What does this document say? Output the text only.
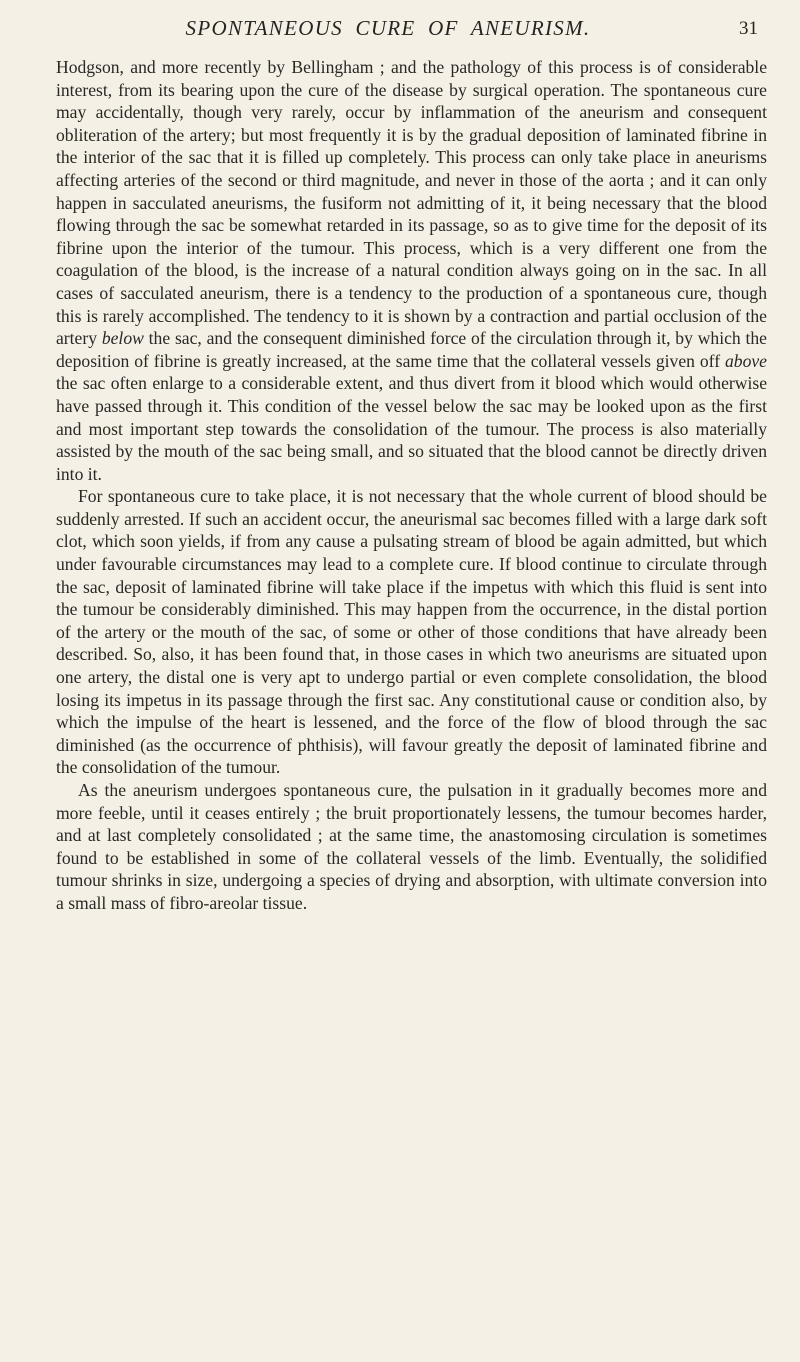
SPONTANEOUS CURE OF ANEURISM.	31

Hodgson, and more recently by Bellingham ; and the pathology of this process is of considerable interest, from its bearing upon the cure of the disease by surgical operation. The spontaneous cure may accidentally, though very rarely, occur by inflammation of the aneurism and consequent obliteration of the artery; but most frequently it is by the gradual deposition of laminated fibrine in the interior of the sac that it is filled up completely. This process can only take place in aneurisms affecting arteries of the second or third magnitude, and never in those of the aorta ; and it can only happen in sacculated aneurisms, the fusiform not admitting of it, it being necessary that the blood flowing through the sac be somewhat retarded in its passage, so as to give time for the deposit of its fibrine upon the interior of the tumour. This process, which is a very different one from the coagulation of the blood, is the increase of a natural condition always going on in the sac. In all cases of sacculated aneurism, there is a tendency to the production of a spontaneous cure, though this is rarely accomplished. The tendency to it is shown by a contraction and partial occlusion of the artery below the sac, and the consequent diminished force of the circulation through it, by which the deposition of fibrine is greatly increased, at the same time that the collateral vessels given off above the sac often enlarge to a considerable extent, and thus divert from it blood which would otherwise have passed through it. This condition of the vessel below the sac may be looked upon as the first and most important step towards the consolidation of the tumour. The process is also materially assisted by the mouth of the sac being small, and so situated that the blood cannot be directly driven into it.

For spontaneous cure to take place, it is not necessary that the whole current of blood should be suddenly arrested. If such an accident occur, the aneurismal sac becomes filled with a large dark soft clot, which soon yields, if from any cause a pulsating stream of blood be again admitted, but which under favourable circumstances may lead to a complete cure. If blood continue to circulate through the sac, deposit of laminated fibrine will take place if the impetus with which this fluid is sent into the tumour be considerably diminished. This may happen from the occurrence, in the distal portion of the artery or the mouth of the sac, of some or other of those conditions that have already been described. So, also, it has been found that, in those cases in which two aneurisms are situated upon one artery, the distal one is very apt to undergo partial or even complete consolidation, the blood losing its impetus in its passage through the first sac. Any constitutional cause or condition also, by which the impulse of the heart is lessened, and the force of the flow of blood through the sac diminished (as the occurrence of phthisis), will favour greatly the deposit of laminated fibrine and the consolidation of the tumour.

As the aneurism undergoes spontaneous cure, the pulsation in it gradually becomes more and more feeble, until it ceases entirely ; the bruit proportionately lessens, the tumour becomes harder, and at last completely consolidated ; at the same time, the anastomosing circulation is sometimes found to be established in some of the collateral vessels of the limb. Eventually, the solidified tumour shrinks in size, undergoing a species of drying and absorption, with ultimate conversion into a small mass of fibro-areolar tissue.
